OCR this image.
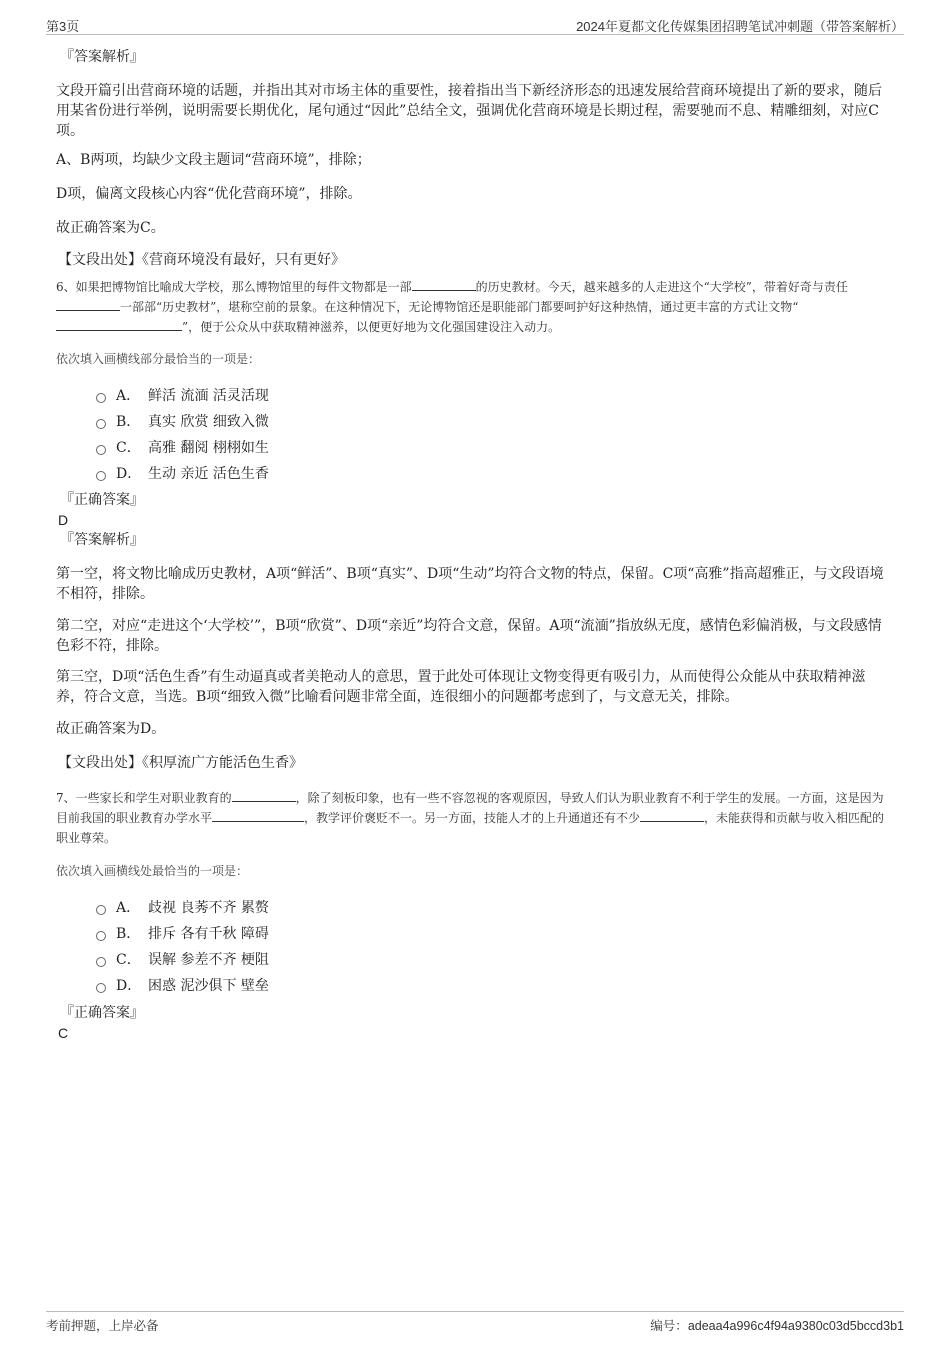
第3页	2024年夏都文化传媒集团招聘笔试冲刺题（带答案解析）
『答案解析』

文段开篇引出营商环境的话题，并指出其对市场主体的重要性，接着指出当下新经济形态的迅速发展给营商环境提出了新的要求，随后用某省份进行举例，说明需要长期优化，尾句通过“因此”总结全文，强调优化营商环境是长期过程，需要驰而不息、精雕细刻，对应C项。

A、B两项，均缺少文段主题词“营商环境”，排除；

D项，偏离文段核心内容“优化营商环境”，排除。

故正确答案为C。

【文段出处】《营商环境没有最好，只有更好》

6、如果把博物馆比喻成大学校，那么博物馆里的每件文物都是一部	的历史教材。今天，越来越多的人走进这个“大学校”，带着好奇与责任一部部“历史教材”，堪称空前的景象。在这种情况下，无论博物馆还是职能部门都要呵护好这种热情，通过更丰富的方式让文物“”，便于公众从中获取精神滋养，以便更好地为文化强国建设注入动力。

依次填入画横线部分最恰当的一项是：

A． 鲜活 流湎 活灵活现
B． 真实 欣赏 细致入微
C． 高雅 翻阅 栩栩如生
D． 生动 亲近 活色生香
『正确答案』
D
『答案解析』

第一空，将文物比喻成历史教材，A项“鲜活”、B项“真实”、D项“生动”均符合文物的特点，保留。C项“高雅”指高超雅正，与文段语境不相符，排除。

第二空，对应“走进这个‘大学校’”，B项“欣赏”、D项“亲近”均符合文意，保留。A项“流湎”指放纵无度，感情色彩偏消极，与文段感情色彩不符，排除。

第三空，D项“活色生香”有生动逼真或者美艳动人的意思，置于此处可体现让文物变得更有吸引力，从而使得公众能从中获取精神滋养，符合文意，当选。B项“细致入微”比喻看问题非常全面，连很细小的问题都考虑到了，与文意无关，排除。

故正确答案为D。

【文段出处】《积厚流广方能活色生香》

7、一些家长和学生对职业教育的	，除了刻板印象，也有一些不容忽视的客观原因，导致人们认为职业教育不利于学生的发展。一方面，这是因为目前我国的职业教育办学水平	，教学评价褒贬不一。另一方面，技能人才的上升通道还有不少	，未能获得和贡献与收入相匹配的职业尊荣。

依次填入画横线处最恰当的一项是：

A． 歧视 良莠不齐 累赘
B． 排斥 各有千秋 障碍
C． 误解 参差不齐 梗阻
D． 困惑 泥沙俱下 壁垒
『正确答案』
C
考前押题，上岸必备	编号：adeaa4a996c4f94a9380c03d5bccd3b1
